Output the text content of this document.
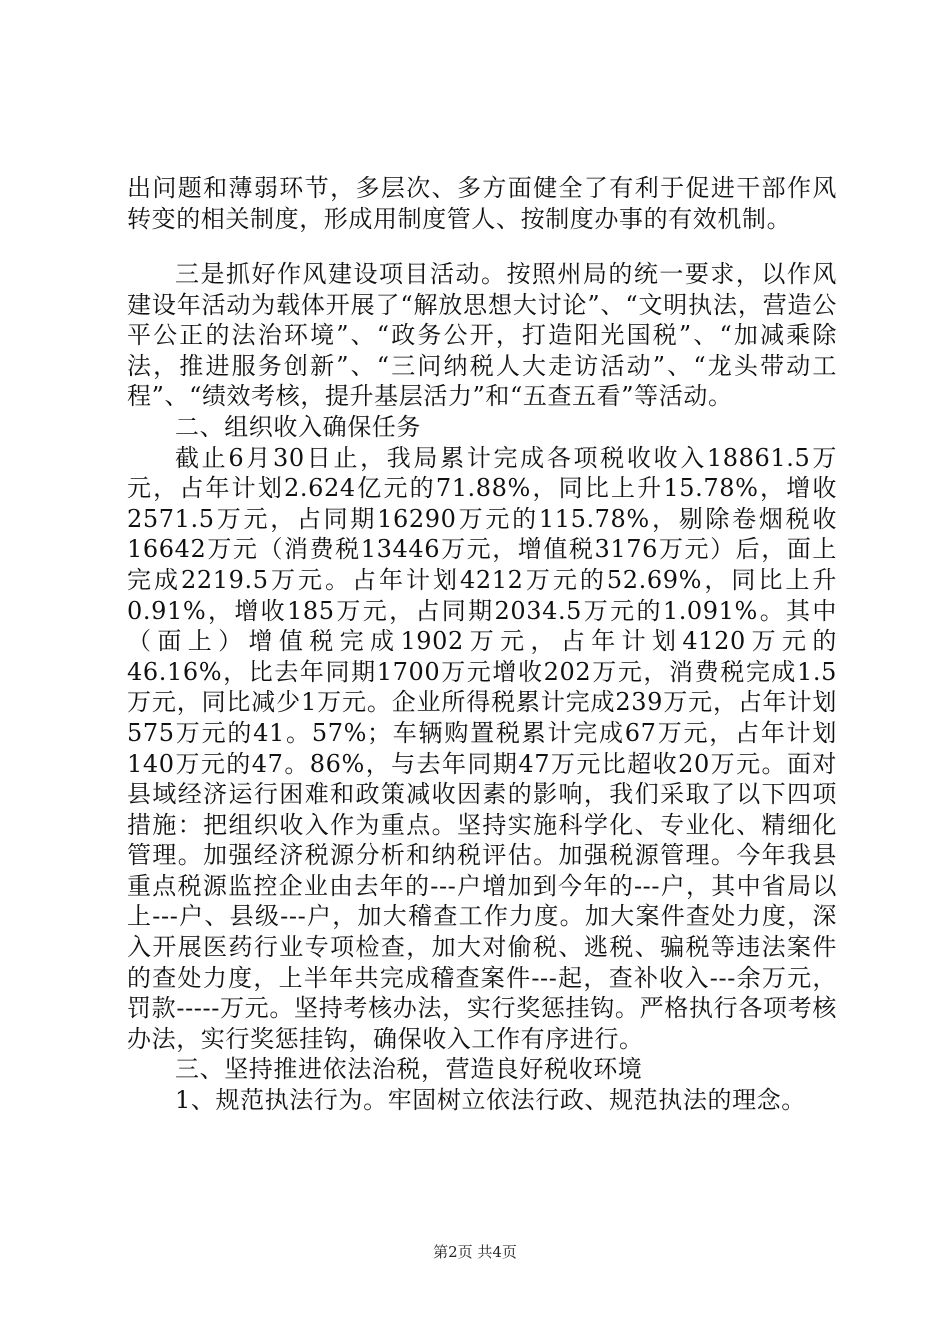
出问题和薄弱环节，多层次、多方面健全了有利于促进干部作风转变的相关制度，形成用制度管人、按制度办事的有效机制。

三是抓好作风建设项目活动。按照州局的统一要求，以作风建设年活动为载体开展了“解放思想大讨论”、“文明执法，营造公平公正的法治环境”、“政务公开，打造阳光国税”、“加减乘除法，推进服务创新”、“三问纳税人大走访活动”、“龙头带动工程”、“绩效考核，提升基层活力”和“五查五看”等活动。

二、组织收入确保任务

截止6月30日止，我局累计完成各项税收收入18861.5万元，占年计划2.624亿元的71.88%，同比上升15.78%，增收2571.5万元，占同期16290万元的115.78%，剔除卷烟税收16642万元（消费税13446万元，增值税3176万元）后，面上完成2219.5万元。占年计划4212万元的52.69%，同比上升0.91%，增收185万元，占同期2034.5万元的1.091%。其中（面上）增值税完成1902万元，占年计划4120万元的46.16%，比去年同期1700万元增收202万元，消费税完成1.5万元，同比减少1万元。企业所得税累计完成239万元，占年计划575万元的41。57%；车辆购置税累计完成67万元，占年计划140万元的47。86%，与去年同期47万元比超收20万元。面对县域经济运行困难和政策减收因素的影响，我们采取了以下四项措施：把组织收入作为重点。坚持实施科学化、专业化、精细化管理。加强经济税源分析和纳税评估。加强税源管理。今年我县重点税源监控企业由去年的---户增加到今年的---户，其中省局以上---户、县级---户，加大稽查工作力度。加大案件查处力度，深入开展医药行业专项检查，加大对偷税、逃税、骗税等违法案件的查处力度，上半年共完成稽查案件---起，查补收入---余万元，罚款-----万元。坚持考核办法，实行奖惩挂钩。严格执行各项考核办法，实行奖惩挂钩，确保收入工作有序进行。

三、坚持推进依法治税，营造良好税收环境

1、规范执法行为。牢固树立依法行政、规范执法的理念。

第2页 共4页
